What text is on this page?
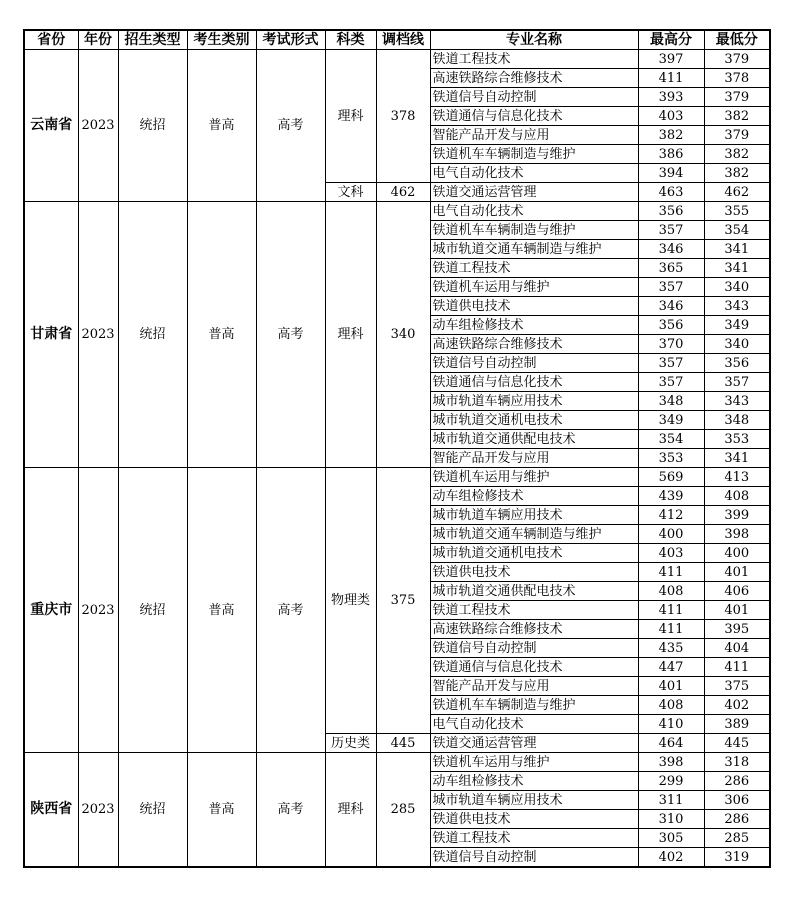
省份	年份	招生类型	考生类别	考试形式	科类	调档线	专业名称	最高分	最低分
云南省	2023	统招	普高	高考	理科	378	铁道工程技术	397	379
							高速铁路综合维修技术	411	378
							铁道信号自动控制	393	379
							铁道通信与信息化技术	403	382
							智能产品开发与应用	382	379
							铁道机车车辆制造与维护	386	382
							电气自动化技术	394	382
					文科	462	铁道交通运营管理	463	462
甘肃省	2023	统招	普高	高考	理科	340	电气自动化技术	356	355
							铁道机车车辆制造与维护	357	354
							城市轨道交通车辆制造与维护	346	341
							铁道工程技术	365	341
							铁道机车运用与维护	357	340
							铁道供电技术	346	343
							动车组检修技术	356	349
							高速铁路综合维修技术	370	340
							铁道信号自动控制	357	356
							铁道通信与信息化技术	357	357
							城市轨道车辆应用技术	348	343
							城市轨道交通机电技术	349	348
							城市轨道交通供配电技术	354	353
							智能产品开发与应用	353	341
重庆市	2023	统招	普高	高考	物理类	375	铁道机车运用与维护	569	413
							动车组检修技术	439	408
							城市轨道车辆应用技术	412	399
							城市轨道交通车辆制造与维护	400	398
							城市轨道交通机电技术	403	400
							铁道供电技术	411	401
							城市轨道交通供配电技术	408	406
							铁道工程技术	411	401
							高速铁路综合维修技术	411	395
							铁道信号自动控制	435	404
							铁道通信与信息化技术	447	411
							智能产品开发与应用	401	375
							铁道机车车辆制造与维护	408	402
							电气自动化技术	410	389
					历史类	445	铁道交通运营管理	464	445
陕西省	2023	统招	普高	高考	理科	285	铁道机车运用与维护	398	318
							动车组检修技术	299	286
							城市轨道车辆应用技术	311	306
							铁道供电技术	310	286
							铁道工程技术	305	285
							铁道信号自动控制	402	319
